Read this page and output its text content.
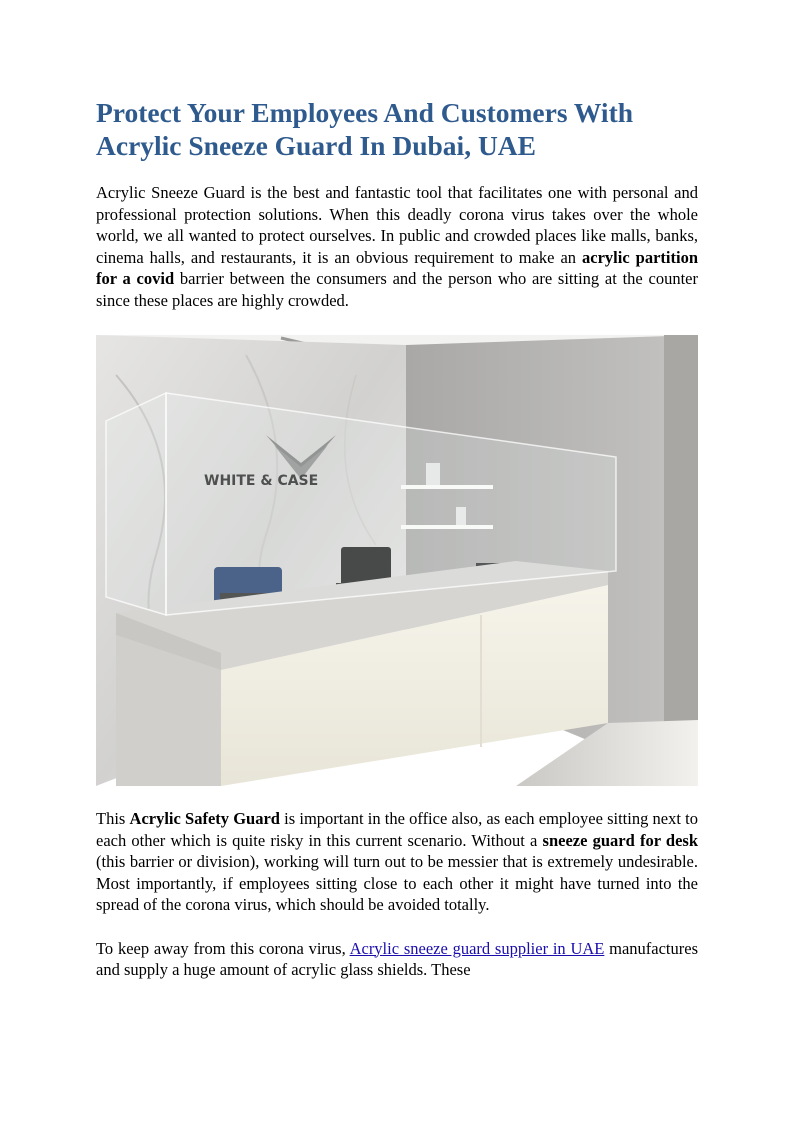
Protect Your Employees And Customers With Acrylic Sneeze Guard In Dubai, UAE

Acrylic Sneeze Guard is the best and fantastic tool that facilitates one with personal and professional protection solutions. When this deadly corona virus takes over the whole world, we all wanted to protect ourselves. In public and crowded places like malls, banks, cinema halls, and restaurants, it is an obvious requirement to make an acrylic partition for a covid barrier between the consumers and the person who are sitting at the counter since these places are highly crowded.

WHITE & CASE

This Acrylic Safety Guard is important in the office also, as each employee sitting next to each other which is quite risky in this current scenario. Without a sneeze guard for desk (this barrier or division), working will turn out to be messier that is extremely undesirable. Most importantly, if employees sitting close to each other it might have turned into the spread of the corona virus, which should be avoided totally.

To keep away from this corona virus, Acrylic sneeze guard supplier in UAE manufactures and supply a huge amount of acrylic glass shields. These
